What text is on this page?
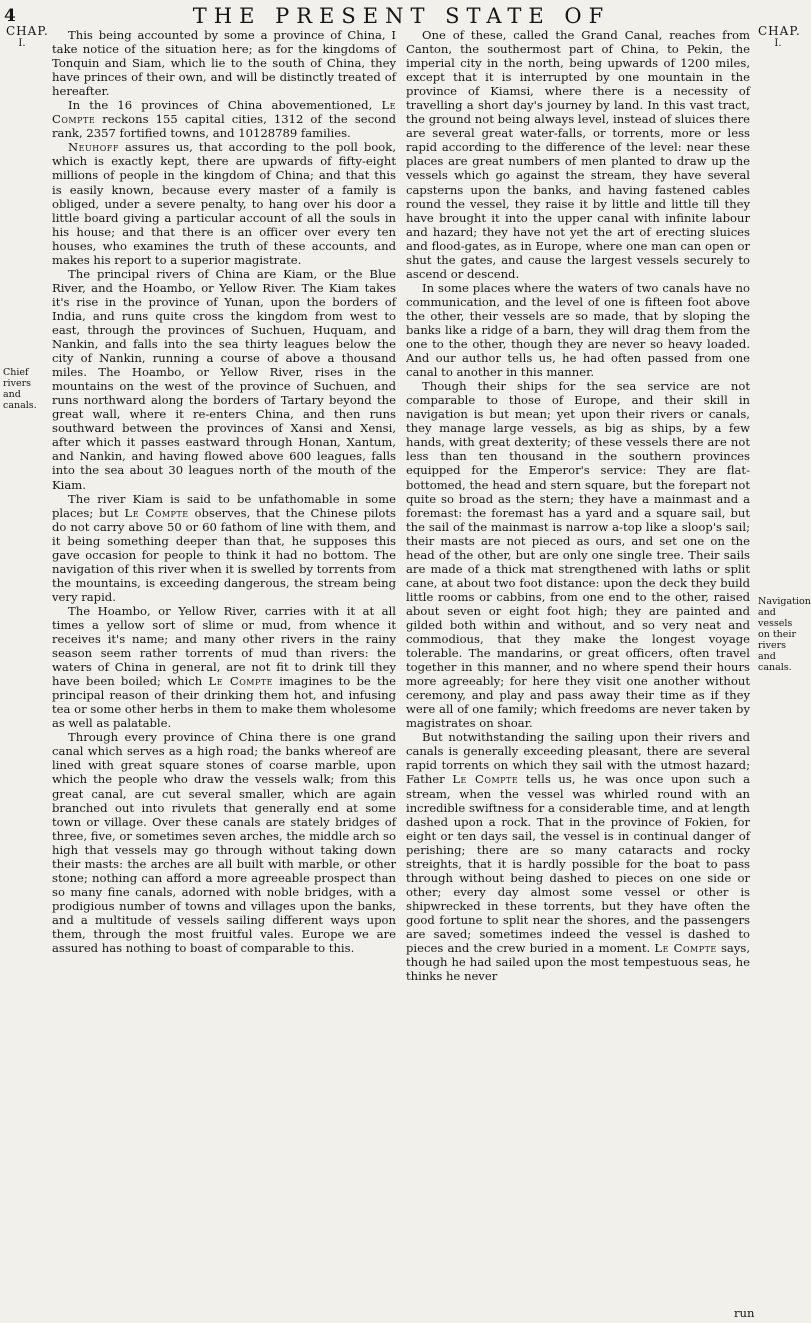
4	THE PRESENT STATE OF
CHAP.
I.
CHAP.
I.
Chief rivers and canals.
Navigation and vessels on their rivers and canals.

This being accounted by some a province of China, I take notice of the situation here; as for the kingdoms of Tonquin and Siam, which lie to the south of China, they have princes of their own, and will be distinctly treated of hereafter.

In the 16 provinces of China abovementioned, Le Compte reckons 155 capital cities, 1312 of the second rank, 2357 fortified towns, and 10128789 families.

Neuhoff assures us, that according to the poll book, which is exactly kept, there are upwards of fifty-eight millions of people in the kingdom of China; and that this is easily known, because every master of a family is obliged, under a severe penalty, to hang over his door a little board giving a particular account of all the souls in his house; and that there is an officer over every ten houses, who examines the truth of these accounts, and makes his report to a superior magistrate.

The principal rivers of China are Kiam, or the Blue River, and the Hoambo, or Yellow River. The Kiam takes it's rise in the province of Yunan, upon the borders of India, and runs quite cross the kingdom from west to east, through the provinces of Suchuen, Huquam, and Nankin, and falls into the sea thirty leagues below the city of Nankin, running a course of above a thousand miles. The Hoambo, or Yellow River, rises in the mountains on the west of the province of Suchuen, and runs northward along the borders of Tartary beyond the great wall, where it re-enters China, and then runs southward between the provinces of Xansi and Xensi, after which it passes eastward through Honan, Xantum, and Nankin, and having flowed above 600 leagues, falls into the sea about 30 leagues north of the mouth of the Kiam.

The river Kiam is said to be unfathomable in some places; but Le Compte observes, that the Chinese pilots do not carry above 50 or 60 fathom of line with them, and it being something deeper than that, he supposes this gave occasion for people to think it had no bottom. The navigation of this river when it is swelled by torrents from the mountains, is exceeding dangerous, the stream being very rapid.

The Hoambo, or Yellow River, carries with it at all times a yellow sort of slime or mud, from whence it receives it's name; and many other rivers in the rainy season seem rather torrents of mud than rivers: the waters of China in general, are not fit to drink till they have been boiled; which Le Compte imagines to be the principal reason of their drinking them hot, and infusing tea or some other herbs in them to make them wholesome as well as palatable.

Through every province of China there is one grand canal which serves as a high road; the banks whereof are lined with great square stones of coarse marble, upon which the people who draw the vessels walk; from this great canal, are cut several smaller, which are again branched out into rivulets that generally end at some town or village. Over these canals are stately bridges of three, five, or sometimes seven arches, the middle arch so high that vessels may go through without taking down their masts: the arches are all built with marble, or other stone; nothing can afford a more agreeable prospect than so many fine canals, adorned with noble bridges, with a prodigious number of towns and villages upon the banks, and a multitude of vessels sailing different ways upon them, through the most fruitful vales. Europe we are assured has nothing to boast of comparable to this.

One of these, called the Grand Canal, reaches from Canton, the southermost part of China, to Pekin, the imperial city in the north, being upwards of 1200 miles, except that it is interrupted by one mountain in the province of Kiamsi, where there is a necessity of travelling a short day's journey by land. In this vast tract, the ground not being always level, instead of sluices there are several great water-falls, or torrents, more or less rapid according to the difference of the level: near these places are great numbers of men planted to draw up the vessels which go against the stream, they have several capsterns upon the banks, and having fastened cables round the vessel, they raise it by little and little till they have brought it into the upper canal with infinite labour and hazard; they have not yet the art of erecting sluices and flood-gates, as in Europe, where one man can open or shut the gates, and cause the largest vessels securely to ascend or descend.

In some places where the waters of two canals have no communication, and the level of one is fifteen foot above the other, their vessels are so made, that by sloping the banks like a ridge of a barn, they will drag them from the one to the other, though they are never so heavy loaded. And our author tells us, he had often passed from one canal to another in this manner.

Though their ships for the sea service are not comparable to those of Europe, and their skill in navigation is but mean; yet upon their rivers or canals, they manage large vessels, as big as ships, by a few hands, with great dexterity; of these vessels there are not less than ten thousand in the southern provinces equipped for the Emperor's service: They are flat-bottomed, the head and stern square, but the forepart not quite so broad as the stern; they have a mainmast and a foremast: the foremast has a yard and a square sail, but the sail of the mainmast is narrow a-top like a sloop's sail; their masts are not pieced as ours, and set one on the head of the other, but are only one single tree. Their sails are made of a thick mat strengthened with laths or split cane, at about two foot distance: upon the deck they build little rooms or cabbins, from one end to the other, raised about seven or eight foot high; they are painted and gilded both within and without, and so very neat and commodious, that they make the longest voyage tolerable. The mandarins, or great officers, often travel together in this manner, and no where spend their hours more agreeably; for here they visit one another without ceremony, and play and pass away their time as if they were all of one family; which freedoms are never taken by magistrates on shoar.

But notwithstanding the sailing upon their rivers and canals is generally exceeding pleasant, there are several rapid torrents on which they sail with the utmost hazard; Father Le Compte tells us, he was once upon such a stream, when the vessel was whirled round with an incredible swiftness for a considerable time, and at length dashed upon a rock. That in the province of Fokien, for eight or ten days sail, the vessel is in continual danger of perishing; there are so many cataracts and rocky streights, that it is hardly possible for the boat to pass through without being dashed to pieces on one side or other; every day almost some vessel or other is shipwrecked in these torrents, but they have often the good fortune to split near the shores, and the passengers are saved; sometimes indeed the vessel is dashed to pieces and the crew buried in a moment. Le Compte says, though he had sailed upon the most tempestuous seas, he thinks he never

run
